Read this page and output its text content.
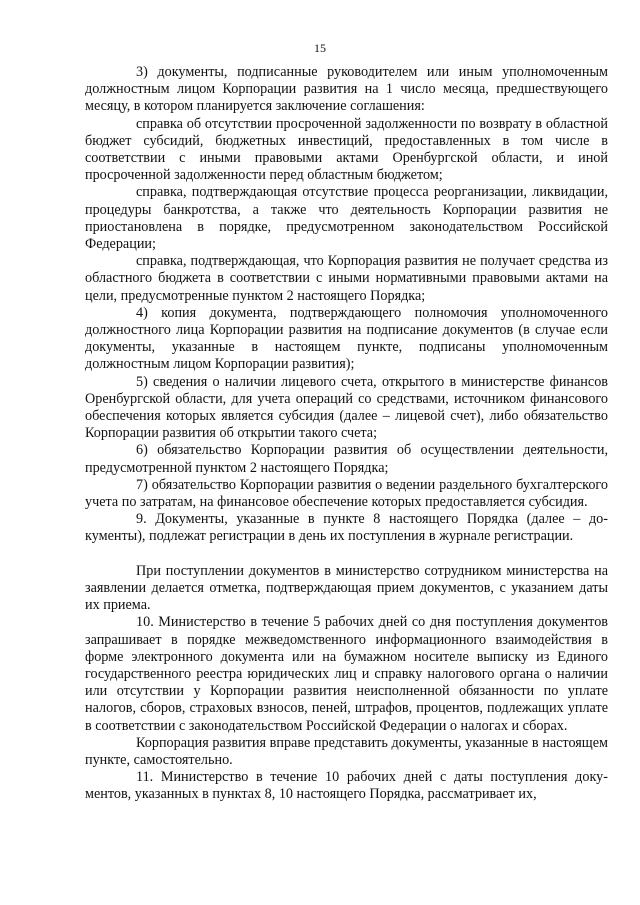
15

3) документы, подписанные руководителем или иным уполномоченным должностным лицом Корпорации развития на 1 число месяца, предшествующего месяцу, в котором планируется заключение соглашения:

справка об отсутствии просроченной задолженности по возврату в областной бюджет субсидий, бюджетных инвестиций, предоставленных в том числе в соответствии с иными правовыми актами Оренбургской области, и иной просроченной задолженности перед областным бюджетом;

справка, подтверждающая отсутствие процесса реорганизации, ликвидации, процедуры банкротства, а также что деятельность Корпорации развития не приостановлена в порядке, предусмотренном законодательством Российской Федерации;

справка, подтверждающая, что Корпорация развития не получает средства из областного бюджета в соответствии с иными нормативными правовыми актами на цели, предусмотренные пунктом 2 настоящего Порядка;

4) копия документа, подтверждающего полномочия уполномоченного должностного лица Корпорации развития на подписание документов (в случае если документы, указанные в настоящем пункте, подписаны уполномоченным должностным лицом Корпорации развития);

5) сведения о наличии лицевого счета, открытого в министерстве финансов Оренбургской области, для учета операций со средствами, источником финансового обеспечения которых является субсидия (далее – лицевой счет), либо обязательство Корпорации развития об открытии такого счета;

6) обязательство Корпорации развития об осуществлении деятельности, предусмотренной пунктом 2 настоящего Порядка;

7) обязательство Корпорации развития о ведении раздельного бухгалтерского учета по затратам, на финансовое обеспечение которых предоставляется субсидия.

9. Документы, указанные в пункте 8 настоящего Порядка (далее – документы), подлежат регистрации в день их поступления в журнале регистрации.

При поступлении документов в министерство сотрудником министерства на заявлении делается отметка, подтверждающая прием документов, с указанием даты их приема.

10. Министерство в течение 5 рабочих дней со дня поступления документов запрашивает в порядке межведомственного информационного взаимодействия в форме электронного документа или на бумажном носителе выписку из Единого государственного реестра юридических лиц и справку налогового органа о наличии или отсутствии у Корпорации развития неисполненной обязанности по уплате налогов, сборов, страховых взносов, пеней, штрафов, процентов, подлежащих уплате в соответствии с законодательством Российской Федерации о налогах и сборах.

Корпорация развития вправе представить документы, указанные в настоящем пункте, самостоятельно.

11. Министерство в течение 10 рабочих дней с даты поступления документов, указанных в пунктах 8, 10 настоящего Порядка, рассматривает их,
